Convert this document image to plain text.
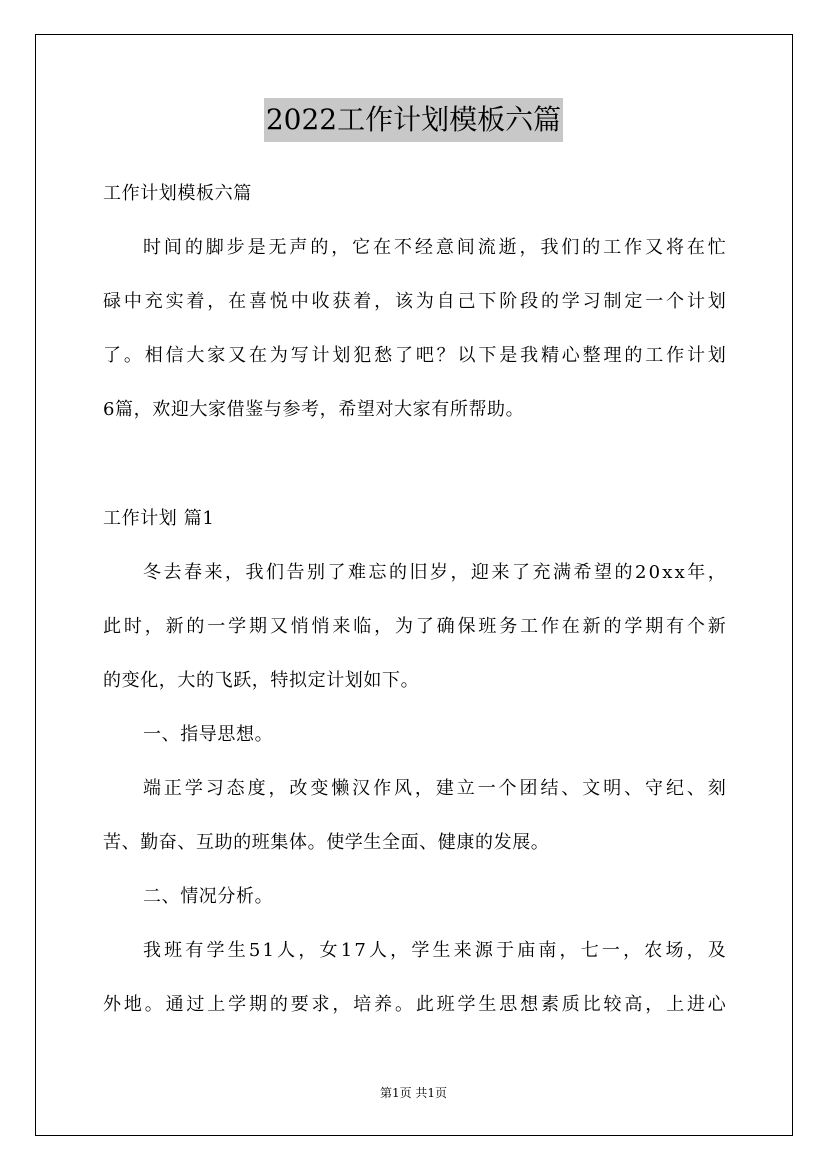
2022工作计划模板六篇
工作计划模板六篇
时间的脚步是无声的，它在不经意间流逝，我们的工作又将在忙
碌中充实着，在喜悦中收获着，该为自己下阶段的学习制定一个计划
了。相信大家又在为写计划犯愁了吧？以下是我精心整理的工作计划
6篇，欢迎大家借鉴与参考，希望对大家有所帮助。
工作计划 篇1
冬去春来，我们告别了难忘的旧岁，迎来了充满希望的20xx年，
此时，新的一学期又悄悄来临，为了确保班务工作在新的学期有个新
的变化，大的飞跃，特拟定计划如下。
一、指导思想。
端正学习态度，改变懒汉作风，建立一个团结、文明、守纪、刻
苦、勤奋、互助的班集体。使学生全面、健康的发展。
二、情况分析。
我班有学生51人，女17人，学生来源于庙南，七一，农场，及
外地。通过上学期的要求，培养。此班学生思想素质比较高，上进心
第1页 共1页
